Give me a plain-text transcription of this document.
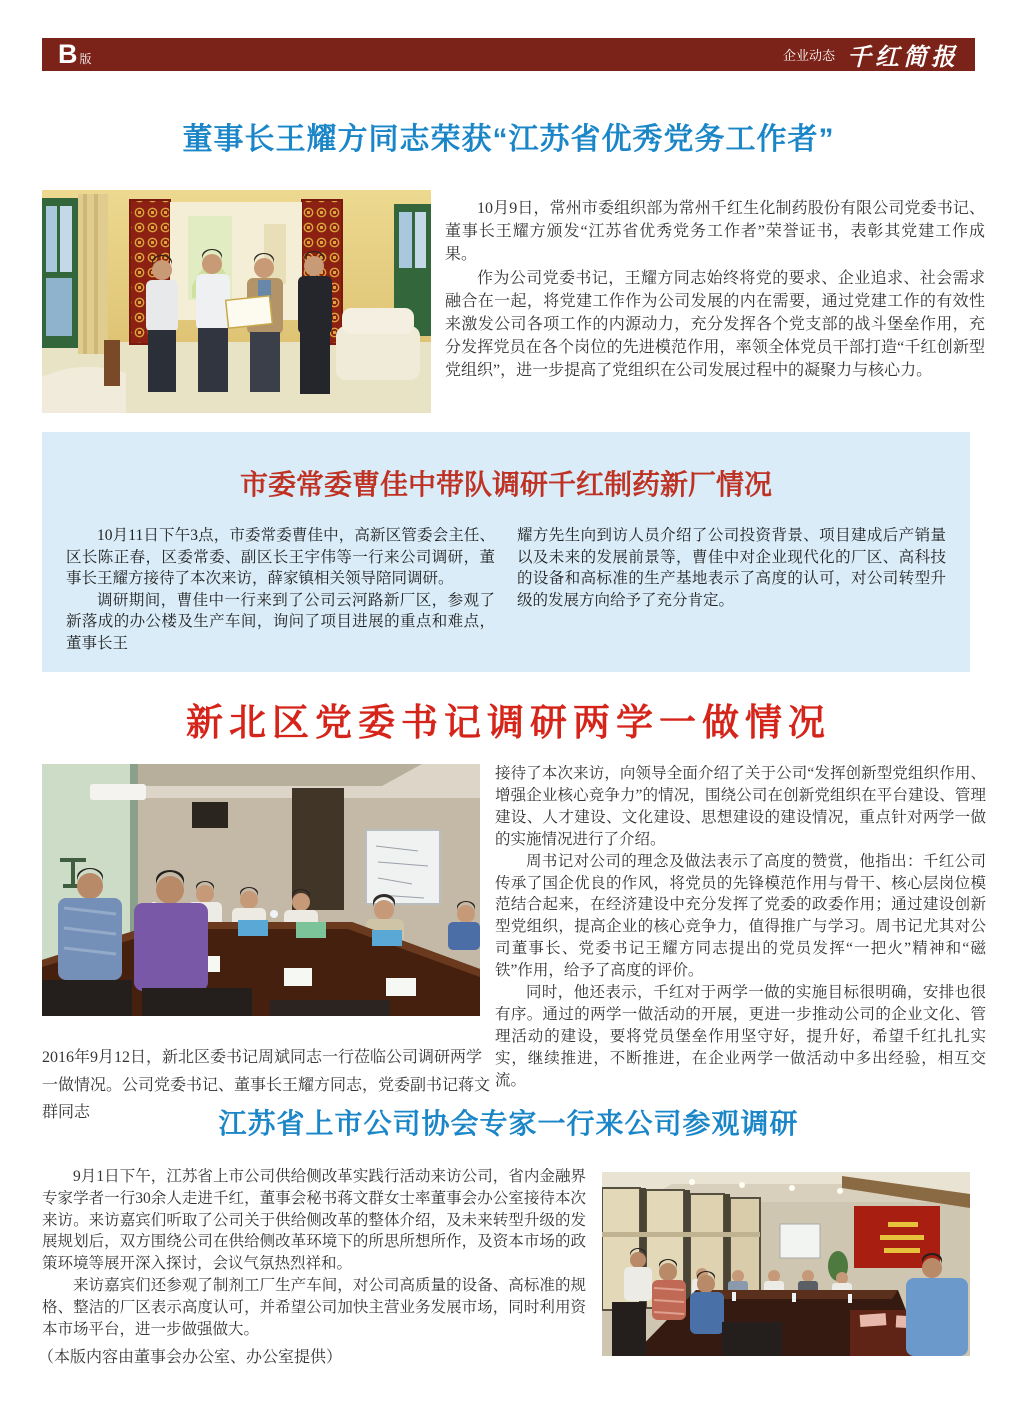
B 版	企业动态 千红简报
董事长王耀方同志荣获“江苏省优秀党务工作者”

10月9日，常州市委组织部为常州千红生化制药股份有限公司党委书记、董事长王耀方颁发“江苏省优秀党务工作者”荣誉证书，表彰其党建工作成果。

作为公司党委书记，王耀方同志始终将党的要求、企业追求、社会需求融合在一起，将党建工作作为公司发展的内在需要，通过党建工作的有效性来激发公司各项工作的内源动力，充分发挥各个党支部的战斗堡垒作用，充分发挥党员在各个岗位的先进模范作用，率领全体党员干部打造“千红创新型党组织”，进一步提高了党组织在公司发展过程中的凝聚力与核心力。

市委常委曹佳中带队调研千红制药新厂情况

10月11日下午3点，市委常委曹佳中，高新区管委会主任、区长陈正春，区委常委、副区长王宇伟等一行来公司调研，董事长王耀方接待了本次来访，薛家镇相关领导陪同调研。

调研期间，曹佳中一行来到了公司云河路新厂区，参观了新落成的办公楼及生产车间，询问了项目进展的重点和难点，董事长王

耀方先生向到访人员介绍了公司投资背景、项目建成后产销量以及未来的发展前景等，曹佳中对企业现代化的厂区、高科技的设备和高标准的生产基地表示了高度的认可，对公司转型升级的发展方向给予了充分肯定。

新北区党委书记调研两学一做情况

2016年9月12日，新北区委书记周斌同志一行莅临公司调研两学一做情况。公司党委书记、董事长王耀方同志，党委副书记蒋文群同志

接待了本次来访，向领导全面介绍了关于公司“发挥创新型党组织作用、增强企业核心竞争力”的情况，围绕公司在创新党组织在平台建设、管理建设、人才建设、文化建设、思想建设的建设情况，重点针对两学一做的实施情况进行了介绍。

周书记对公司的理念及做法表示了高度的赞赏，他指出：千红公司传承了国企优良的作风，将党员的先锋模范作用与骨干、核心层岗位模范结合起来，在经济建设中充分发挥了党委的政委作用；通过建设创新型党组织，提高企业的核心竞争力，值得推广与学习。周书记尤其对公司董事长、党委书记王耀方同志提出的党员发挥“一把火”精神和“磁铁”作用，给予了高度的评价。

同时，他还表示，千红对于两学一做的实施目标很明确，安排也很有序。通过的两学一做活动的开展，更进一步推动公司的企业文化、管理活动的建设，要将党员堡垒作用坚守好，提升好，希望千红扎扎实实，继续推进，不断推进，在企业两学一做活动中多出经验，相互交流。

江苏省上市公司协会专家一行来公司参观调研

9月1日下午，江苏省上市公司供给侧改革实践行活动来访公司，省内金融界专家学者一行30余人走进千红，董事会秘书蒋文群女士率董事会办公室接待本次来访。来访嘉宾们听取了公司关于供给侧改革的整体介绍，及未来转型升级的发展规划后，双方围绕公司在供给侧改革环境下的所思所想所作，及资本市场的政策环境等展开深入探讨，会议气氛热烈祥和。

来访嘉宾们还参观了制剂工厂生产车间，对公司高质量的设备、高标准的规格、整洁的厂区表示高度认可，并希望公司加快主营业务发展市场，同时利用资本市场平台，进一步做强做大。

（本版内容由董事会办公室、办公室提供）
